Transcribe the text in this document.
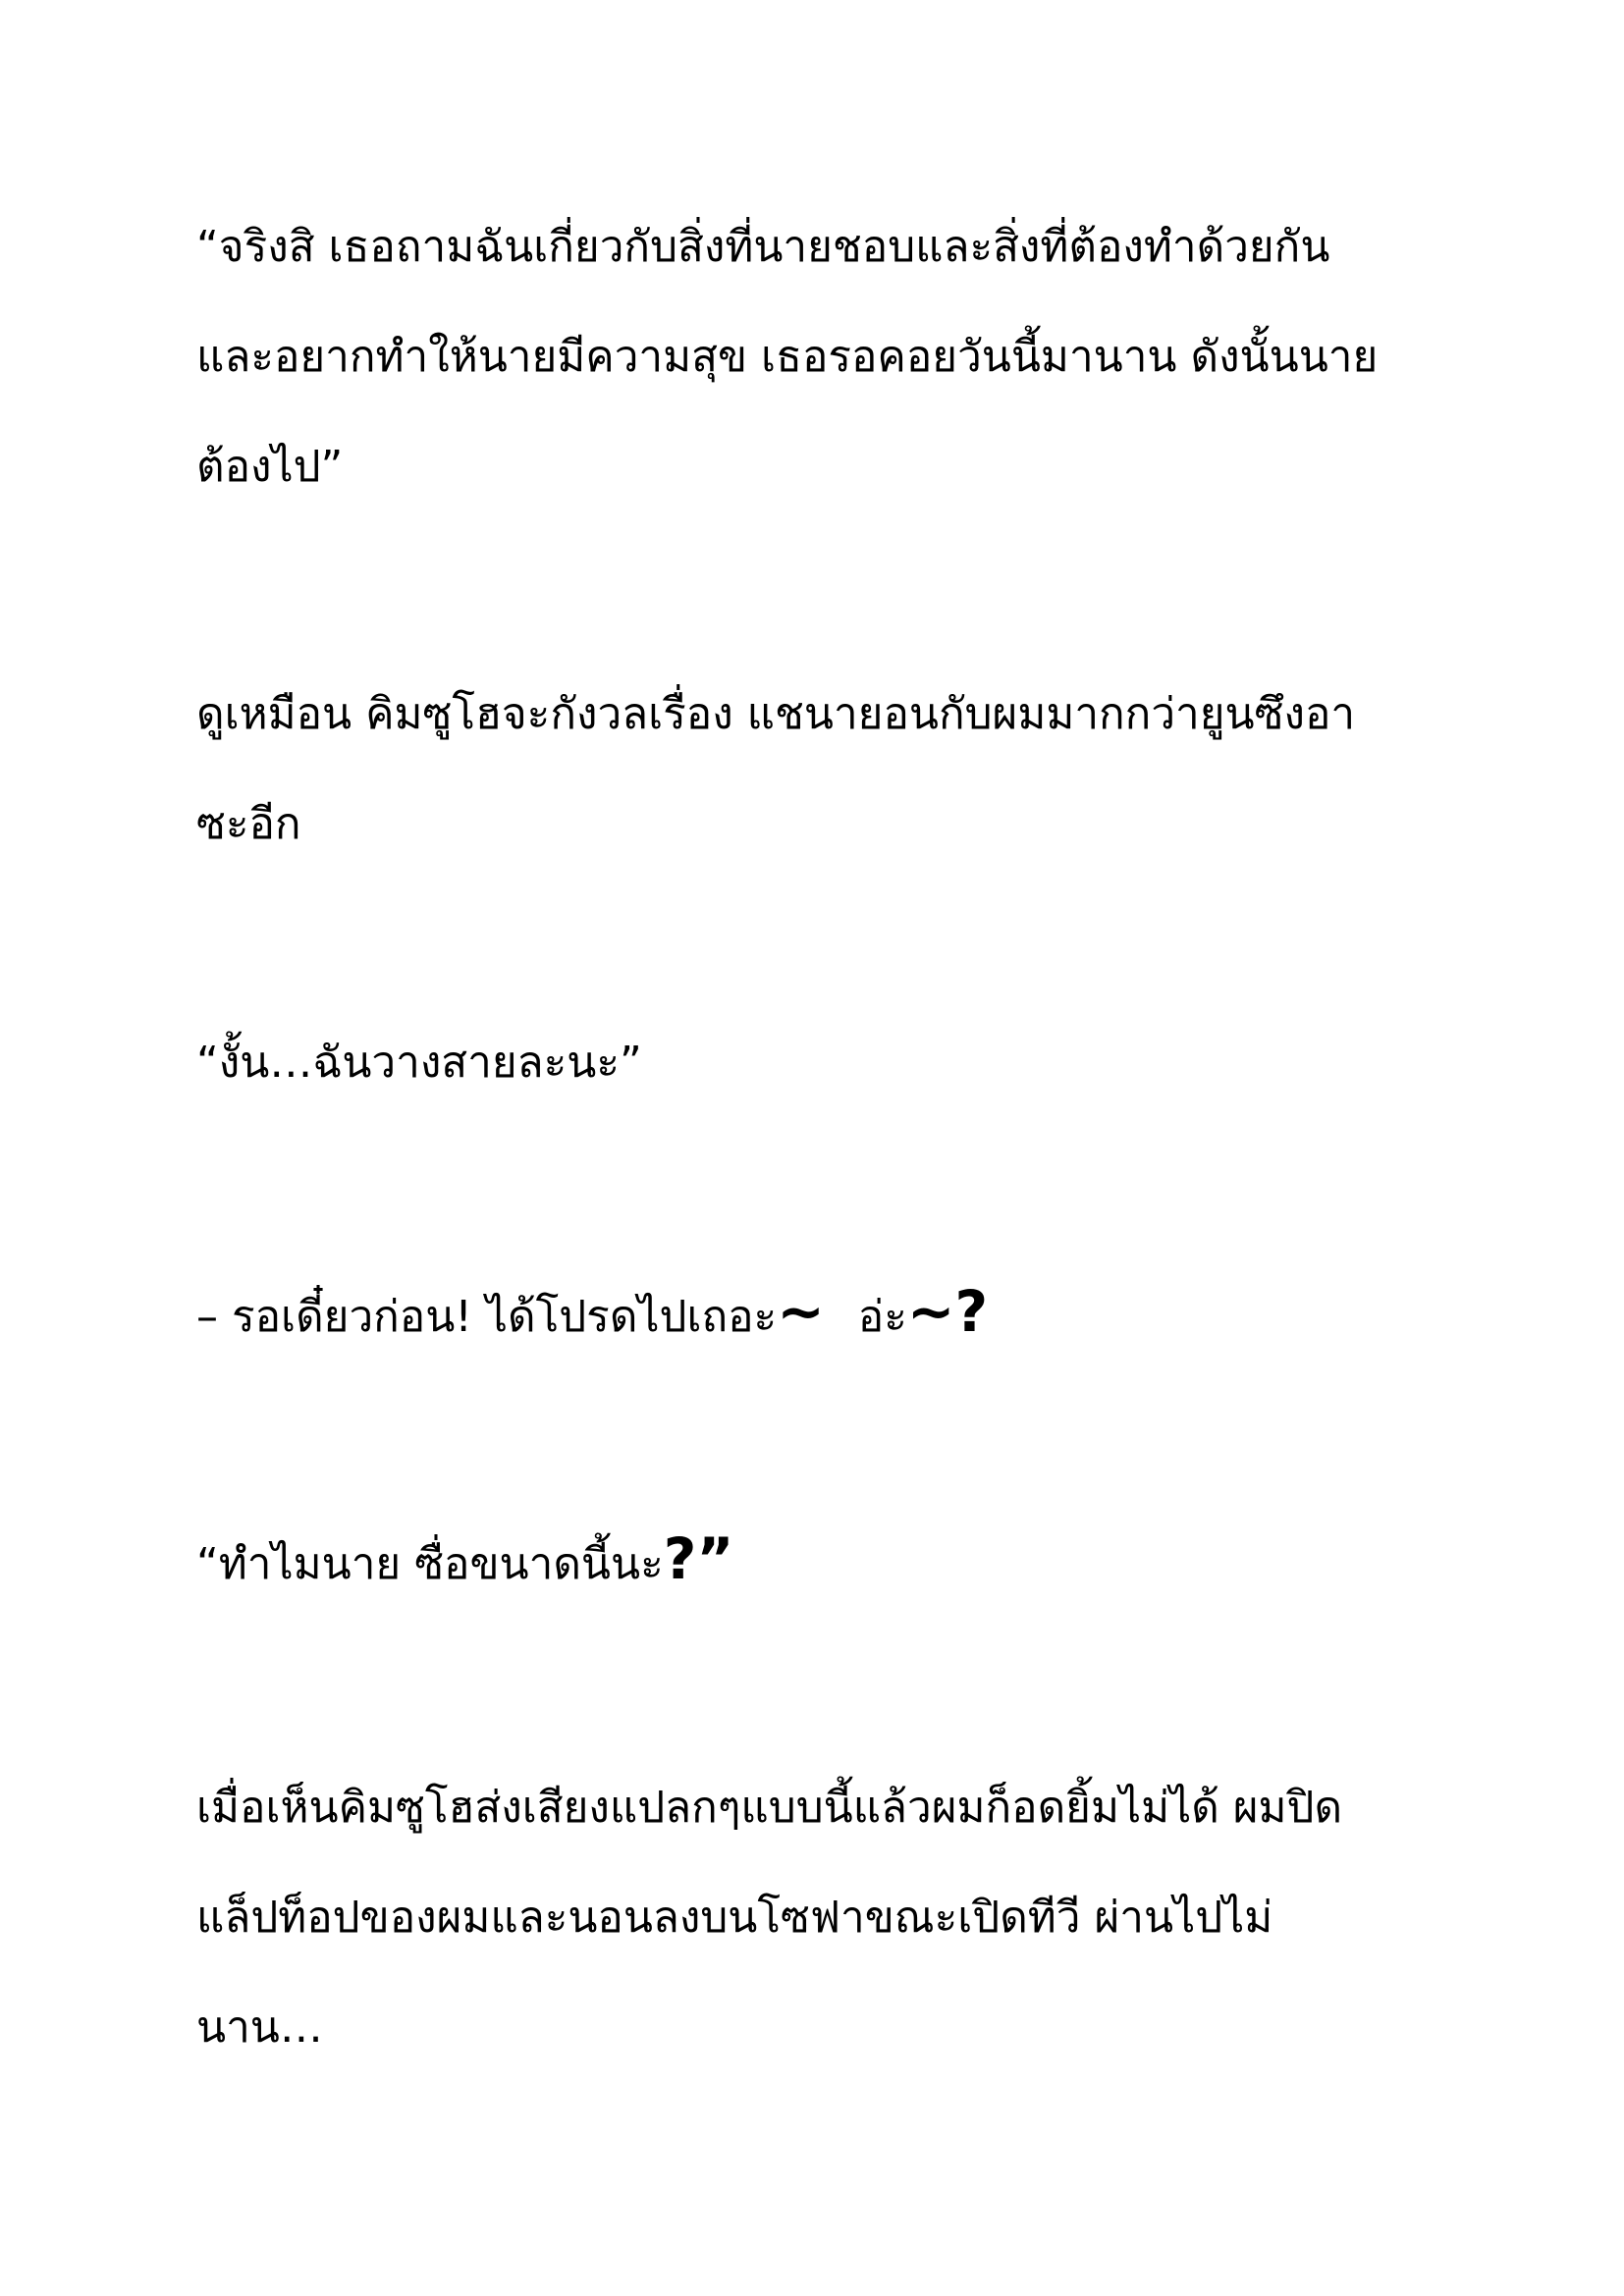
“จริงสิ เธอถามฉันเกี่ยวกับสิ่งที่นายชอบและสิ่งที่ต้องทำด้วยกัน
และอยากทำให้นายมีความสุข เธอรอคอยวันนี้มานาน ดังนั้นนาย
ต้องไป”
ดูเหมือน คิมซูโฮจะกังวลเรื่อง แชนายอนกับผมมากกว่ายูนซึงอา
ซะอีก
“งั้น…ฉันวางสายละนะ”
– รอเดี๋ยวก่อน! ได้โปรดไปเถอะ~ อ่ะ~?
“ทำไมนาย ซื่อขนาดนี้นะ?”
เมื่อเห็นคิมซูโฮส่งเสียงแปลกๆแบบนี้แล้วผมก็อดยิ้มไม่ได้ ผมปิด
แล็ปท็อปของผมและนอนลงบนโซฟาขณะเปิดทีวี ผ่านไปไม่
นาน…
